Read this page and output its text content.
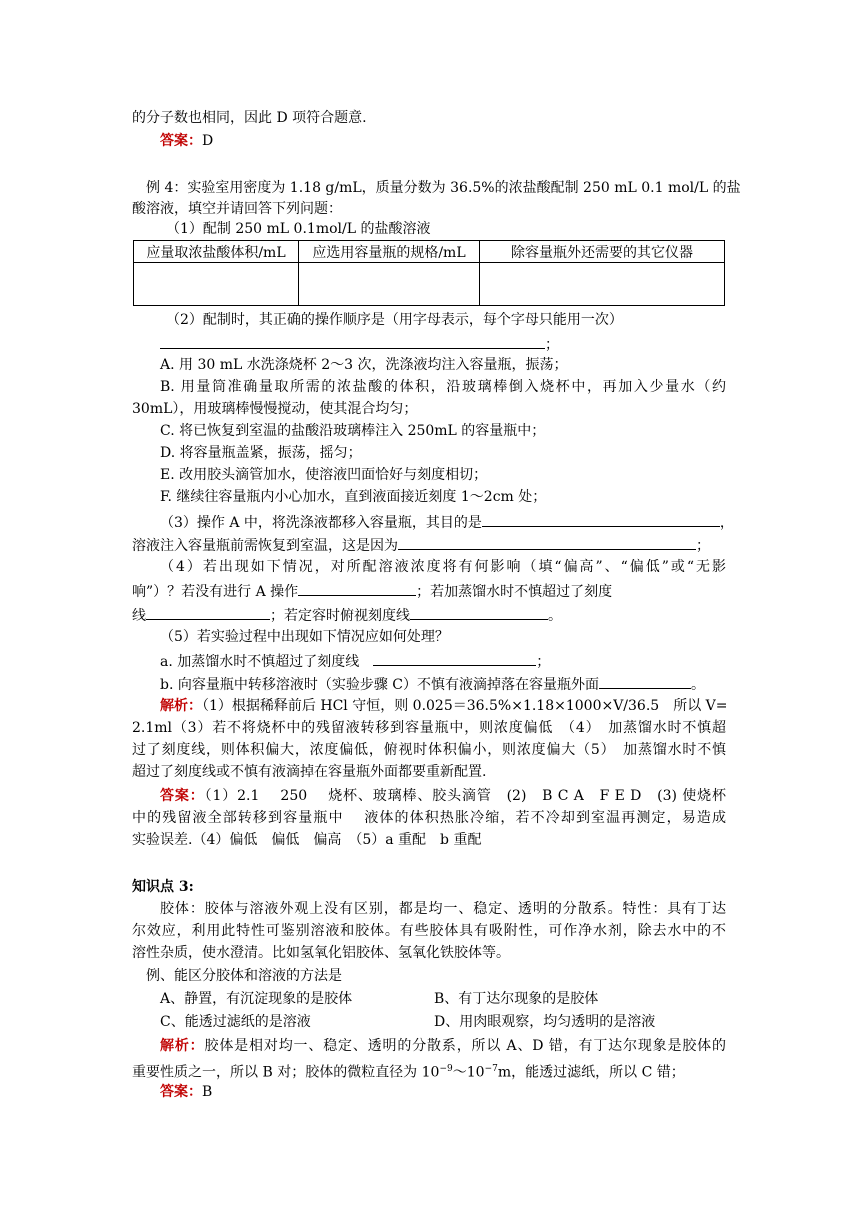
的分子数也相同，因此 D 项符合题意.
答案：D
例 4：实验室用密度为 1.18 g/mL，质量分数为 36.5%的浓盐酸配制 250 mL 0.1 mol/L 的盐
酸溶液，填空并请回答下列问题：
（1）配制 250 mL 0.1mol/L 的盐酸溶液
应量取浓盐酸体积/mL	应选用容量瓶的规格/mL	除容量瓶外还需要的其它仪器

（2）配制时，其正确的操作顺序是（用字母表示，每个字母只能用一次）
；
A. 用 30 mL 水洗涤烧杯 2～3 次，洗涤液均注入容量瓶，振荡；
B. 用量筒准确量取所需的浓盐酸的体积，沿玻璃棒倒入烧杯中，再加入少量水（约
30mL），用玻璃棒慢慢搅动，使其混合均匀；
C. 将已恢复到室温的盐酸沿玻璃棒注入 250mL 的容量瓶中；
D. 将容量瓶盖紧，振荡，摇匀；
E. 改用胶头滴管加水，使溶液凹面恰好与刻度相切；
F. 继续往容量瓶内小心加水，直到液面接近刻度 1～2cm 处；
（3）操作 A 中，将洗涤液都移入容量瓶，其目的是	，
溶液注入容量瓶前需恢复到室温，这是因为	；
（4）若出现如下情况，对所配溶液浓度将有何影响（填“偏高”、“偏低”或“无影
响”）？若没有进行 A 操作	；若加蒸馏水时不慎超过了刻度
线	；若定容时俯视刻度线	。
（5）若实验过程中出现如下情况应如何处理？
a. 加蒸馏水时不慎超过了刻度线　	；
b. 向容量瓶中转移溶液时（实验步骤 C）不慎有液滴掉落在容量瓶外面	。
解析：（1）根据稀释前后 HCl 守恒，则 0.025＝36.5%×1.18×1000×V/36.5　所以 V=
2.1ml（3）若不将烧杯中的残留液转移到容量瓶中，则浓度偏低　（4）　加蒸馏水时不慎超
过了刻度线，则体积偏大，浓度偏低，俯视时体积偏小，则浓度偏大（5）　加蒸馏水时不慎
超过了刻度线或不慎有液滴掉在容量瓶外面都要重新配置.
答案：（1）2.1　 250　 烧杯、玻璃棒、胶头滴管　(2)　B C A　F E D　(3) 使烧杯
中的残留液全部转移到容量瓶中　 液体的体积热胀冷缩，若不冷却到室温再测定，易造成
实验误差.（4）偏低　偏低　偏高　（5）a 重配　b 重配
知识点 3:
胶体：胶体与溶液外观上没有区别，都是均一、稳定、透明的分散系。特性：具有丁达
尔效应，利用此特性可鉴别溶液和胶体。有些胶体具有吸附性，可作净水剂，除去水中的不
溶性杂质，使水澄清。比如氢氧化铝胶体、氢氧化铁胶体等。
例、能区分胶体和溶液的方法是
A、静置，有沉淀现象的是胶体	B、有丁达尔现象的是胶体
C、能透过滤纸的是溶液	D、用肉眼观察，均匀透明的是溶液
解析：胶体是相对均一、稳定、透明的分散系，所以 A、D 错，有丁达尔现象是胶体的
重要性质之一，所以 B 对；胶体的微粒直径为 $10^{-9}\sim 10^{-7}m$，能透过滤纸，所以 C 错；
答案：B
